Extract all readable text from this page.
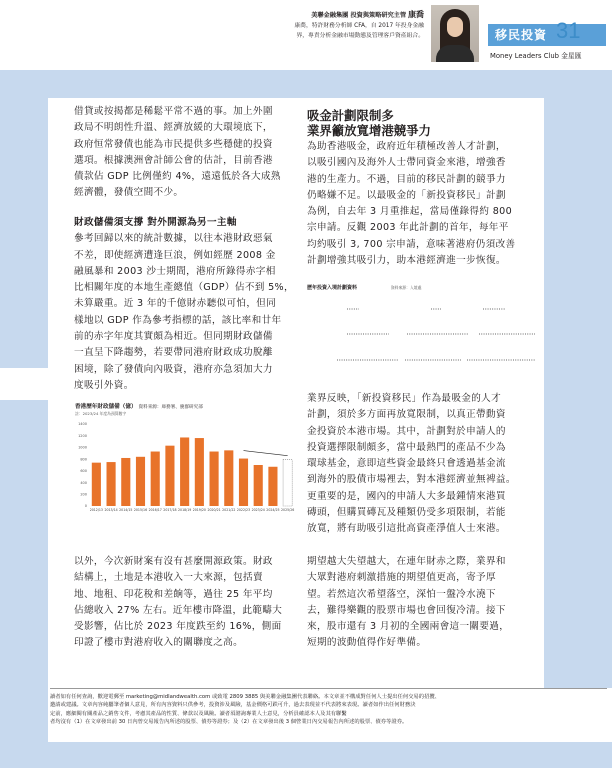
美聯金融集團 投資與策略研究主管 康喬
康喬，特許財務分析師 CFA，自 2017 年投身金融
界，專責分析金融市場動態及管理客戶資產組合。	移民投資 31
Money Leaders Club 金星匯
借貸或按揭都是稀鬆平常不過的事。加上外圍
政局不明朗性升溫、經濟放緩的大環境底下，
政府恒常發債也能為市民提供多些穩健的投資
選項。根據澳洲會計師公會的估計，目前香港
債款佔 GDP 比例僅約 4%，遠遠低於各大成熟
經濟體，發債空間不少。
財政儲備須支撐 對外開源為另一主軸
參考回歸以來的統計數據，以往本港財政惡氣
不差，即使經濟遭逢巨浪，例如經歷 2008 金
融風暴和 2003 沙士期間，港府所錄得赤字相
比相關年度的本地生產總值（GDP）佔不到 5%，
未算嚴重。近 3 年的千億財赤聽似可怕，但同
樣地以 GDP 作為參考指標的話，該比率和廿年
前的赤字年度其實頗為相近。但同期財政儲備
一直呈下降趨勢，若要帶同港府財政成功脫離
困境，除了發債向內吸資，港府亦急須加大力
度吸引外資。
香港歷年財政儲備（億） 資料來源：庫務署、慶群研究部
註：2023/24 年度為預算數字
0
200
400
600
800
1000
1200
1400
2012/13 2013/14 2014/15 2015/16 2016/17 2017/18 2018/19 2019/20 2020/21 2021/22 2022/23 2023/24 2024/25 2025/26
以外，今次新財案有沒有甚麼開源政策。財政
結構上，土地是本港收入一大來源，包括賣
地、地租、印花稅和差餉等，過往 25 年平均
佔總收入 27% 左右。近年樓市降溫，此範疇大
受影響，佔比於 2023 年度跌至約 16%，側面
印證了樓市對港府收入的關聯度之高。
吸金計劃限制多
業界籲放寬增港競爭力
為助香港吸金，政府近年積極改善人才計劃，
以吸引國內及海外人士帶同資金來港，增強香
港的生產力。不過，目前的移民計劃的競爭力
仍略嫌不足。以最吸金的「新投資移民」計劃
為例，自去年 3 月重推起，當局僅錄得約 800
宗申請。反觀 2003 年此計劃的首年，每年平
均約吸引 3, 700 宗申請，意味著港府仍須改善
計劃增強其吸引力，助本港經濟進一步恢復。
歷年投資入境計劃資料	資料來源：入境處
業界反映，「新投資移民」作為最吸金的人才
計劃，須於多方面再放寬限制，以真正帶動資
金投資於本港市場。其中，計劃對於申請人的
投資選擇限制頗多，當中最熱門的產品不少為
環球基金，意即這些資金最終只會透過基金流
到海外的股債市場裡去，對本港經濟並無裨益。
更重要的是，國內的申請人大多最鍾情來港買
磚頭，但購買磚瓦及種類仍受多項限制，若能
放寬，將有助吸引這批高資產淨值人士來港。
期望越大失望越大，在連年財赤之際，業界和
大眾對港府刺激措施的期望值更高，寄予厚
望。若然這次希望落空，深怕一盤冷水澆下
去，難得樂觀的股票市場也會回復冷清。接下
來，股市還有 3 月初的全國兩會這一關要過，
短期的波動值得作好準備。

讀者如有任何查詢，歡迎電郵至 marketing@midlandwealth.com 或致電 2809 3885 與美聯金融集團代表聯絡。本文章並不構成對任何人士提出任何交易的招攬、

邀請或建議。文章內容純屬筆者個人意見，所有內容資料只供參考，投資涉及風險，基金價格可跌可升，過去表現並不代表將來表現。讀者如作出任何財務決

定前，應細閱有關產品之銷售文件，考慮其產品的性質、條款以及風險。讀者須諮詢專業人士意見，分析員確認本人及其有聯繫

者均沒有（1）在文章發出前 30 日內曾交易報告內所述的股票、債券等證券；及（2）在文章發出後 3 個營業日內交易報告內所述的股票、債券等證券。
